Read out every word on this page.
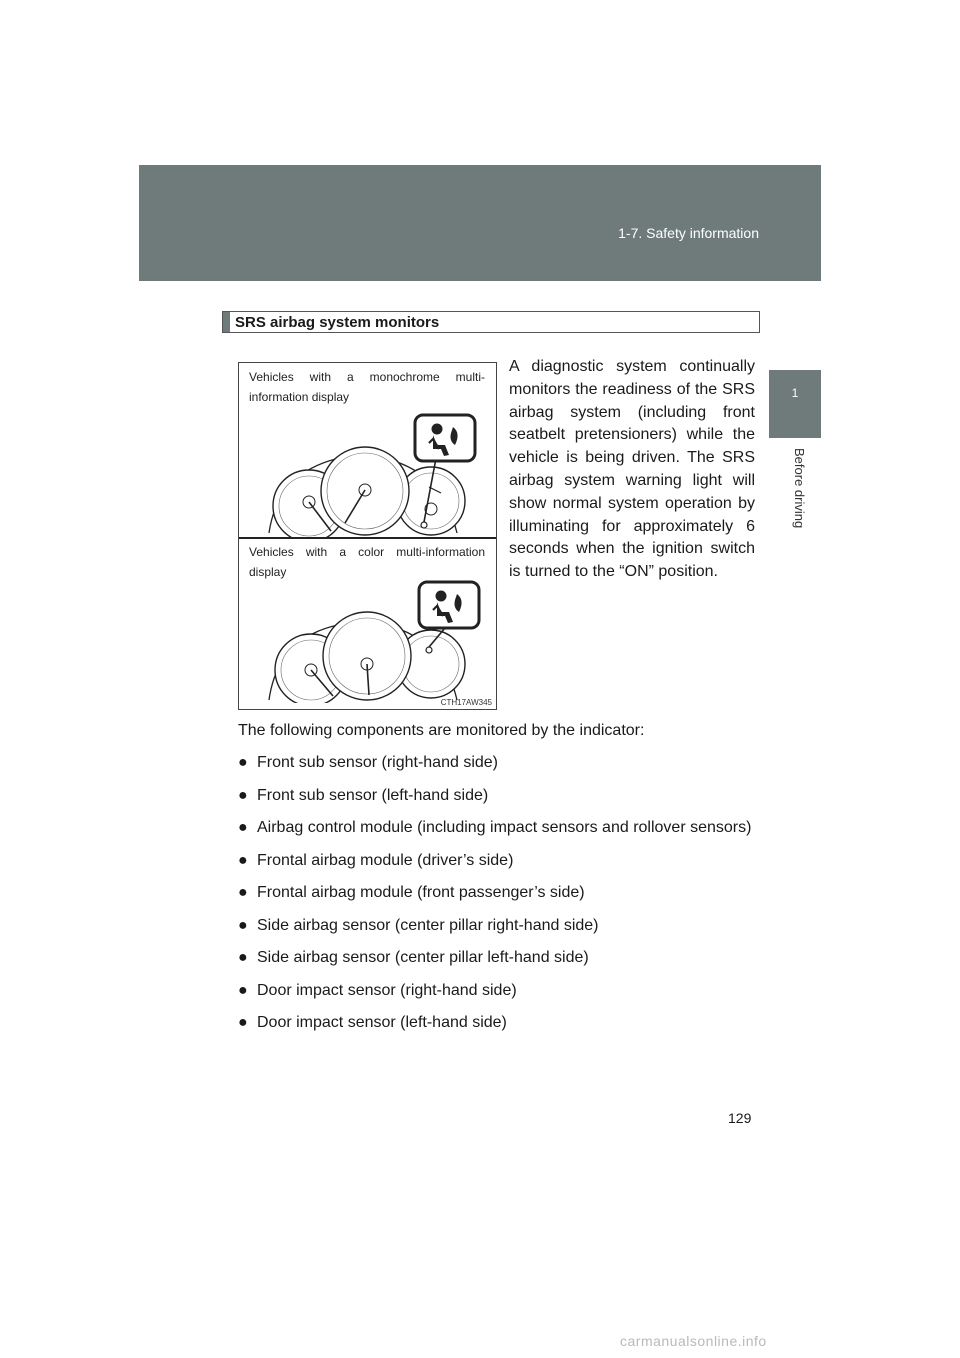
1-7. Safety information
1
Before driving
SRS airbag system monitors
Vehicles with a monochrome multi-information display
Vehicles with a color multi-information display
CTH17AW345
A diagnostic system continually monitors the readiness of the SRS airbag system (including front seatbelt pretensioners) while the vehicle is being driven. The SRS airbag system warning light will show normal system operation by illuminating for approximately 6 seconds when the ignition switch is turned to the “ON” position.
The following components are monitored by the indicator:
● Front sub sensor (right-hand side)
● Front sub sensor (left-hand side)
● Airbag control module (including impact sensors and rollover sensors)
● Frontal airbag module (driver’s side)
● Frontal airbag module (front passenger’s side)
● Side airbag sensor (center pillar right-hand side)
● Side airbag sensor (center pillar left-hand side)
● Door impact sensor (right-hand side)
● Door impact sensor (left-hand side)
129
carmanualsonline.info
